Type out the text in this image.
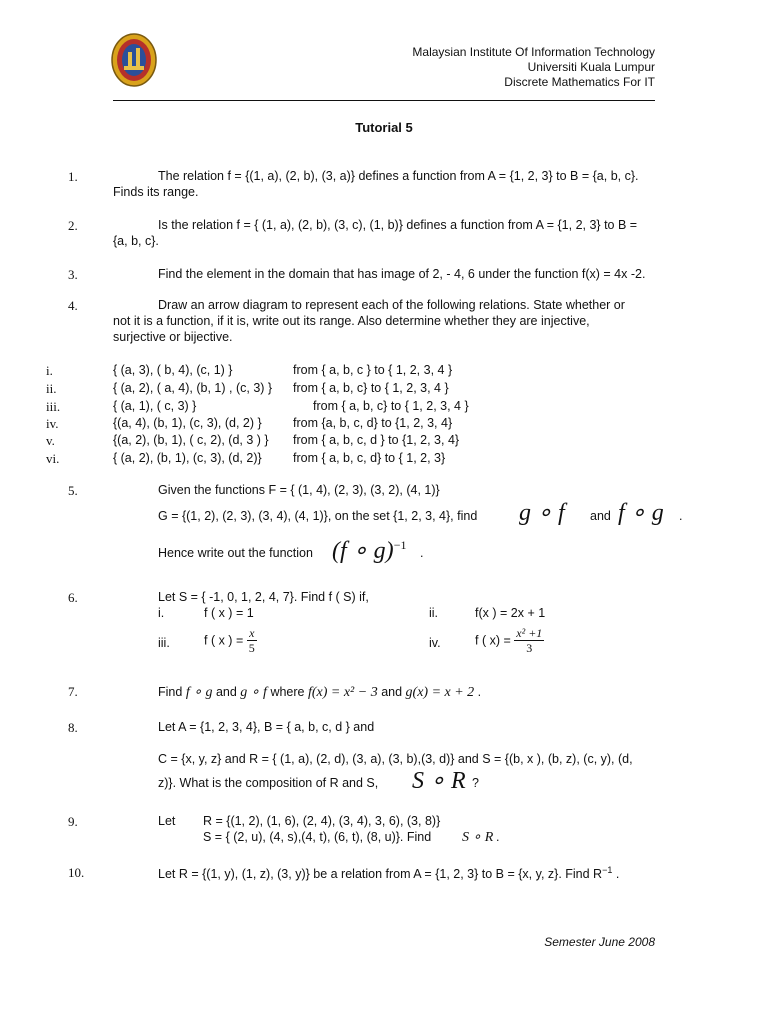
Malaysian Institute Of Information Technology
Universiti Kuala Lumpur
Discrete Mathematics For IT
Tutorial 5
1.	The relation f = {(1, a), (2, b), (3, a)} defines a function from A = {1, 2, 3} to B = {a, b, c}.
Finds its range.
2.	Is the relation f = { (1, a), (2, b), (3, c), (1, b)} defines a function from A = {1, 2, 3} to B =
{a, b, c}.
3.	Find the element in the domain that has image of 2, - 4, 6 under the function f(x) = 4x -2.
4.	Draw an arrow diagram to represent each of the following relations. State whether or
not it is a function, if it is, write out its range. Also determine whether they are injective,
surjective or bijective.
i.	{ (a, 3), ( b, 4), (c, 1) }	from { a, b, c } to { 1, 2, 3, 4 }
ii.	{ (a, 2), ( a, 4), (b, 1) , (c, 3) } from { a, b, c} to { 1, 2, 3, 4 }
iii.	{ (a, 1), ( c, 3) }	from { a, b, c} to { 1, 2, 3, 4 }
iv.	{(a, 4), (b, 1), (c, 3), (d, 2) }	from {a, b, c, d} to {1, 2, 3, 4}
v.	{(a, 2), (b, 1), ( c, 2), (d, 3 ) } from { a, b, c, d } to {1, 2, 3, 4}
vi.	{ (a, 2), (b, 1), (c, 3), (d, 2)}	from { a, b, c, d} to { 1, 2, 3}
5.	Given the functions F = { (1, 4), (2, 3), (3, 2), (4, 1)}
G = {(1, 2), (2, 3), (3, 4), (4, 1)}, on the set {1, 2, 3, 4}, find g ∘ f and f ∘ g .
Hence write out the function (f ∘ g)$^{-1}$
.
6.	Let S = { -1, 0, 1, 2, 4, 7}. Find f ( S) if,
i.	f ( x ) = 1	ii.	f(x ) = 2x + 1
iii.	f ( x ) = $\frac{x}{5}$	iv.	f ( $x) = \frac{\text{x² +1}}{3}$
7.	Find f ∘ g and g ∘ f where f(x) = x² − 3 and g(x) = x + 2 .
8.	Let A = {1, 2, 3, 4}, B = { a, b, c, d } and
C = {x, y, z} and R = { (1, a), (2, d), (3, a), (3, b),(3, d)} and S = {(b, x ), (b, z), (c, y), (d,
z)}. What is the composition of R and S, S ∘ R ?
9.	Let R = {(1, 2), (1, 6), (2, 4), (3, 4), 3, 6), (3, 8)}
S = { (2, u), (4, s),(4, t), (6, t), (8, u)}. Find S ∘ R .
10.	Let R = {(1, y), (1, z), (3, y)} be a relation from A = {1, 2, 3} to B = {x, y, z}. Find $R^{-1}$ .
Semester June 2008
